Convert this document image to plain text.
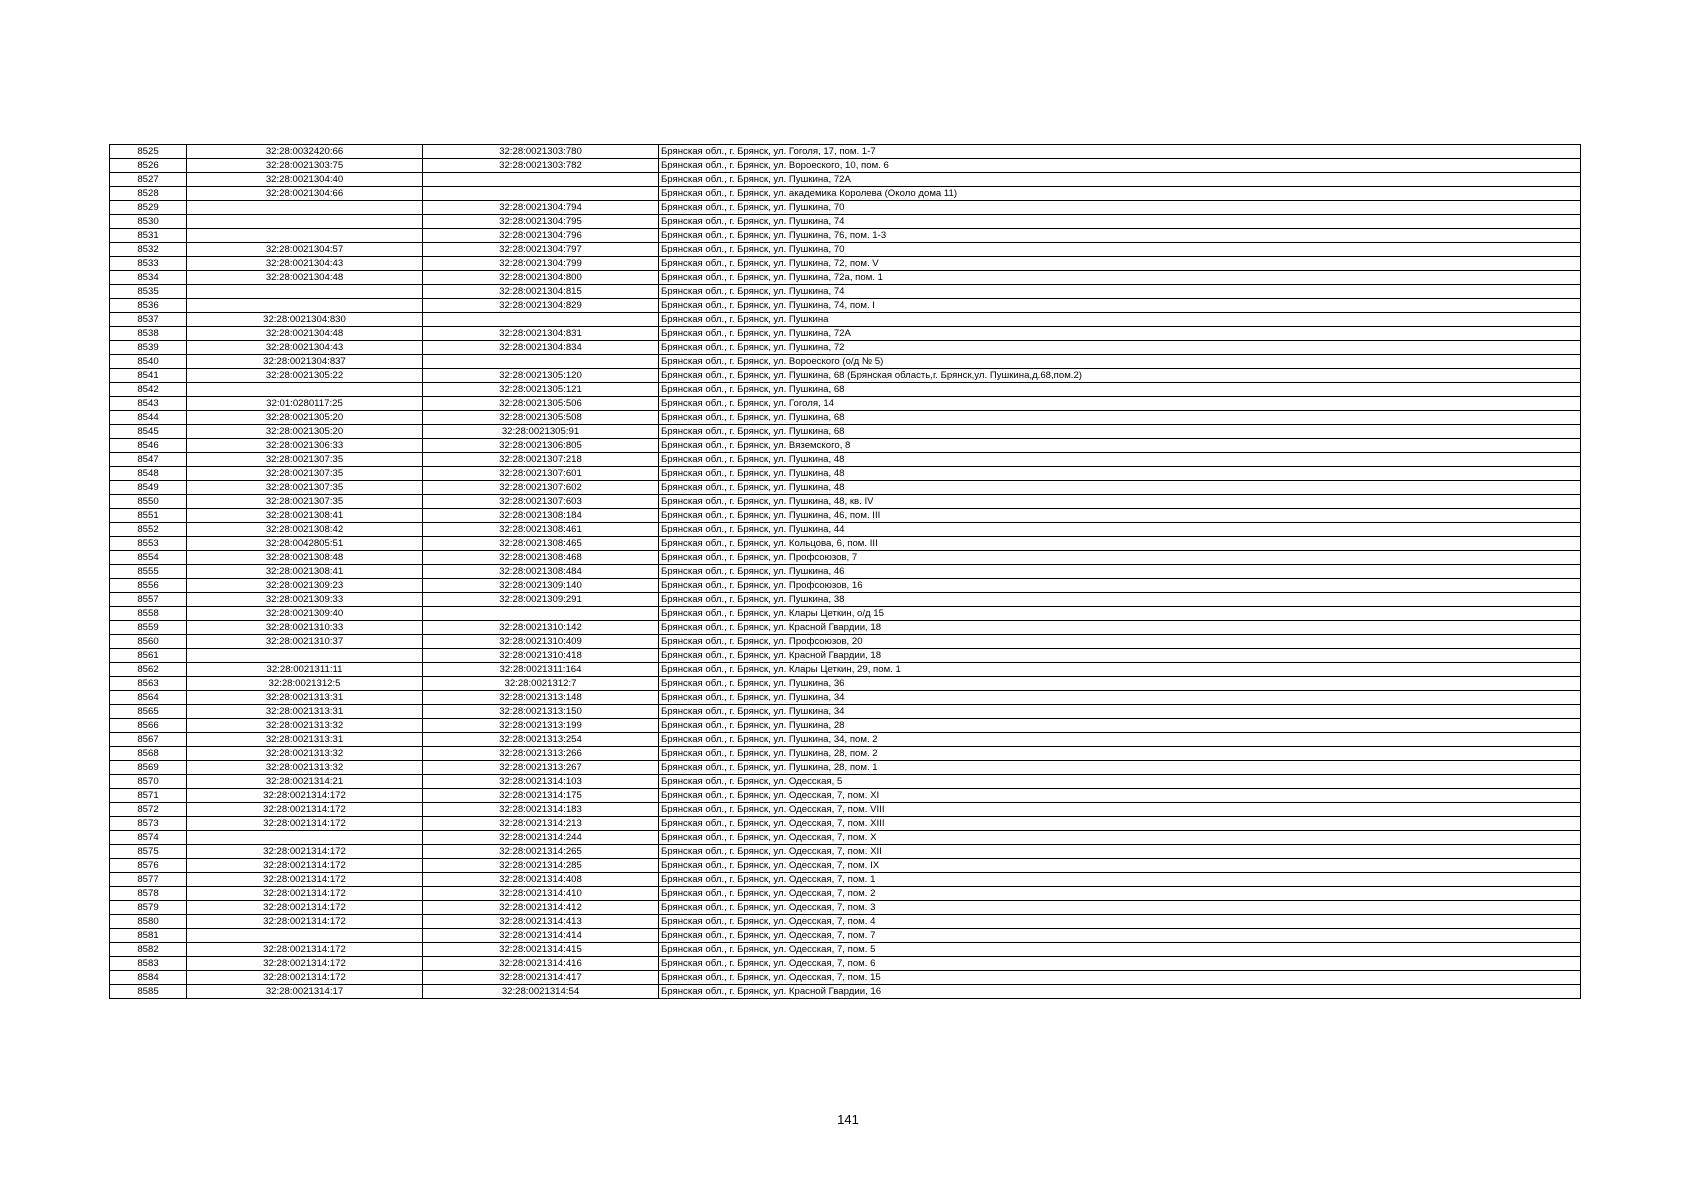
8525	32:28:0032420:66	32:28:0021303:780	Брянская обл., г. Брянск, ул. Гоголя, 17, пом. 1-7
8526	32:28:0021303:75	32:28:0021303:782	Брянская обл., г. Брянск, ул. Вороеского, 10, пом. 6
8527	32:28:0021304:40		Брянская обл., г. Брянск, ул. Пушкина, 72А
8528	32:28:0021304:66		Брянская обл., г. Брянск, ул. академика Королева (Около дома 11)
8529		32:28:0021304:794	Брянская обл., г. Брянск, ул. Пушкина, 70
8530		32:28:0021304:795	Брянская обл., г. Брянск, ул. Пушкина, 74
8531		32:28:0021304:796	Брянская обл., г. Брянск, ул. Пушкина, 76, пом. 1-3
8532	32:28:0021304:57	32:28:0021304:797	Брянская обл., г. Брянск, ул. Пушкина, 70
8533	32:28:0021304:43	32:28:0021304:799	Брянская обл., г. Брянск, ул. Пушкина, 72, пом. V
8534	32:28:0021304:48	32:28:0021304:800	Брянская обл., г. Брянск, ул. Пушкина, 72а, пом. 1
8535		32:28:0021304:815	Брянская обл., г. Брянск, ул. Пушкина, 74
8536		32:28:0021304:829	Брянская обл., г. Брянск, ул. Пушкина, 74, пом. I
8537	32:28:0021304:830		Брянская обл., г. Брянск, ул. Пушкина
8538	32:28:0021304:48	32:28:0021304:831	Брянская обл., г. Брянск, ул. Пушкина, 72А
8539	32:28:0021304:43	32:28:0021304:834	Брянская обл., г. Брянск, ул. Пушкина, 72
8540	32:28:0021304:837		Брянская обл., г. Брянск, ул. Вороеского (о/д № 5)
8541	32:28:0021305:22	32:28:0021305:120	Брянская обл., г. Брянск, ул. Пушкина, 68 (Брянская область,г. Брянск,ул. Пушкина,д.68,пом.2)
8542		32:28:0021305:121	Брянская обл., г. Брянск, ул. Пушкина, 68
8543	32:01:0280117:25	32:28:0021305:506	Брянская обл., г. Брянск, ул. Гоголя, 14
8544	32:28:0021305:20	32:28:0021305:508	Брянская обл., г. Брянск, ул. Пушкина, 68
8545	32:28:0021305:20	32:28:0021305:91	Брянская обл., г. Брянск, ул. Пушкина, 68
8546	32:28:0021306:33	32:28:0021306:805	Брянская обл., г. Брянск, ул. Вяземского, 8
8547	32:28:0021307:35	32:28:0021307:218	Брянская обл., г. Брянск, ул. Пушкина, 48
8548	32:28:0021307:35	32:28:0021307:601	Брянская обл., г. Брянск, ул. Пушкина, 48
8549	32:28:0021307:35	32:28:0021307:602	Брянская обл., г. Брянск, ул. Пушкина, 48
8550	32:28:0021307:35	32:28:0021307:603	Брянская обл., г. Брянск, ул. Пушкина, 48, кв. IV
8551	32:28:0021308:41	32:28:0021308:184	Брянская обл., г. Брянск, ул. Пушкина, 46, пом. III
8552	32:28:0021308:42	32:28:0021308:461	Брянская обл., г. Брянск, ул. Пушкина, 44
8553	32:28:0042805:51	32:28:0021308:465	Брянская обл., г. Брянск, ул. Кольцова, 6, пом. III
8554	32:28:0021308:48	32:28:0021308:468	Брянская обл., г. Брянск, ул. Профсоюзов, 7
8555	32:28:0021308:41	32:28:0021308:484	Брянская обл., г. Брянск, ул. Пушкина, 46
8556	32:28:0021309:23	32:28:0021309:140	Брянская обл., г. Брянск, ул. Профсоюзов, 16
8557	32:28:0021309:33	32:28:0021309:291	Брянская обл., г. Брянск, ул. Пушкина, 38
8558	32:28:0021309:40		Брянская обл., г. Брянск, ул. Клары Цеткин, о/д 15
8559	32:28:0021310:33	32:28:0021310:142	Брянская обл., г. Брянск, ул. Красной Гвардии, 18
8560	32:28:0021310:37	32:28:0021310:409	Брянская обл., г. Брянск, ул. Профсоюзов, 20
8561		32:28:0021310:418	Брянская обл., г. Брянск, ул. Красной Гвардии, 18
8562	32:28:0021311:11	32:28:0021311:164	Брянская обл., г. Брянск, ул. Клары Цеткин, 29, пом. 1
8563	32:28:0021312:5	32:28:0021312:7	Брянская обл., г. Брянск, ул. Пушкина, 36
8564	32:28:0021313:31	32:28:0021313:148	Брянская обл., г. Брянск, ул. Пушкина, 34
8565	32:28:0021313:31	32:28:0021313:150	Брянская обл., г. Брянск, ул. Пушкина, 34
8566	32:28:0021313:32	32:28:0021313:199	Брянская обл., г. Брянск, ул. Пушкина, 28
8567	32:28:0021313:31	32:28:0021313:254	Брянская обл., г. Брянск, ул. Пушкина, 34, пом. 2
8568	32:28:0021313:32	32:28:0021313:266	Брянская обл., г. Брянск, ул. Пушкина, 28, пом. 2
8569	32:28:0021313:32	32:28:0021313:267	Брянская обл., г. Брянск, ул. Пушкина, 28, пом. 1
8570	32:28:0021314:21	32:28:0021314:103	Брянская обл., г. Брянск, ул. Одесская, 5
8571	32:28:0021314:172	32:28:0021314:175	Брянская обл., г. Брянск, ул. Одесская, 7, пом. XI
8572	32:28:0021314:172	32:28:0021314:183	Брянская обл., г. Брянск, ул. Одесская, 7, пом. VIII
8573	32:28:0021314:172	32:28:0021314:213	Брянская обл., г. Брянск, ул. Одесская, 7, пом. XIII
8574		32:28:0021314:244	Брянская обл., г. Брянск, ул. Одесская, 7, пом. X
8575	32:28:0021314:172	32:28:0021314:265	Брянская обл., г. Брянск, ул. Одесская, 7, пом. XII
8576	32:28:0021314:172	32:28:0021314:285	Брянская обл., г. Брянск, ул. Одесская, 7, пом. IX
8577	32:28:0021314:172	32:28:0021314:408	Брянская обл., г. Брянск, ул. Одесская, 7, пом. 1
8578	32:28:0021314:172	32:28:0021314:410	Брянская обл., г. Брянск, ул. Одесская, 7, пом. 2
8579	32:28:0021314:172	32:28:0021314:412	Брянская обл., г. Брянск, ул. Одесская, 7, пом. 3
8580	32:28:0021314:172	32:28:0021314:413	Брянская обл., г. Брянск, ул. Одесская, 7, пом. 4
8581		32:28:0021314:414	Брянская обл., г. Брянск, ул. Одесская, 7, пом. 7
8582	32:28:0021314:172	32:28:0021314:415	Брянская обл., г. Брянск, ул. Одесская, 7, пом. 5
8583	32:28:0021314:172	32:28:0021314:416	Брянская обл., г. Брянск, ул. Одесская, 7, пом. 6
8584	32:28:0021314:172	32:28:0021314:417	Брянская обл., г. Брянск, ул. Одесская, 7, пом. 15
8585	32:28:0021314:17	32:28:0021314:54	Брянская обл., г. Брянск, ул. Красной Гвардии, 16
141
